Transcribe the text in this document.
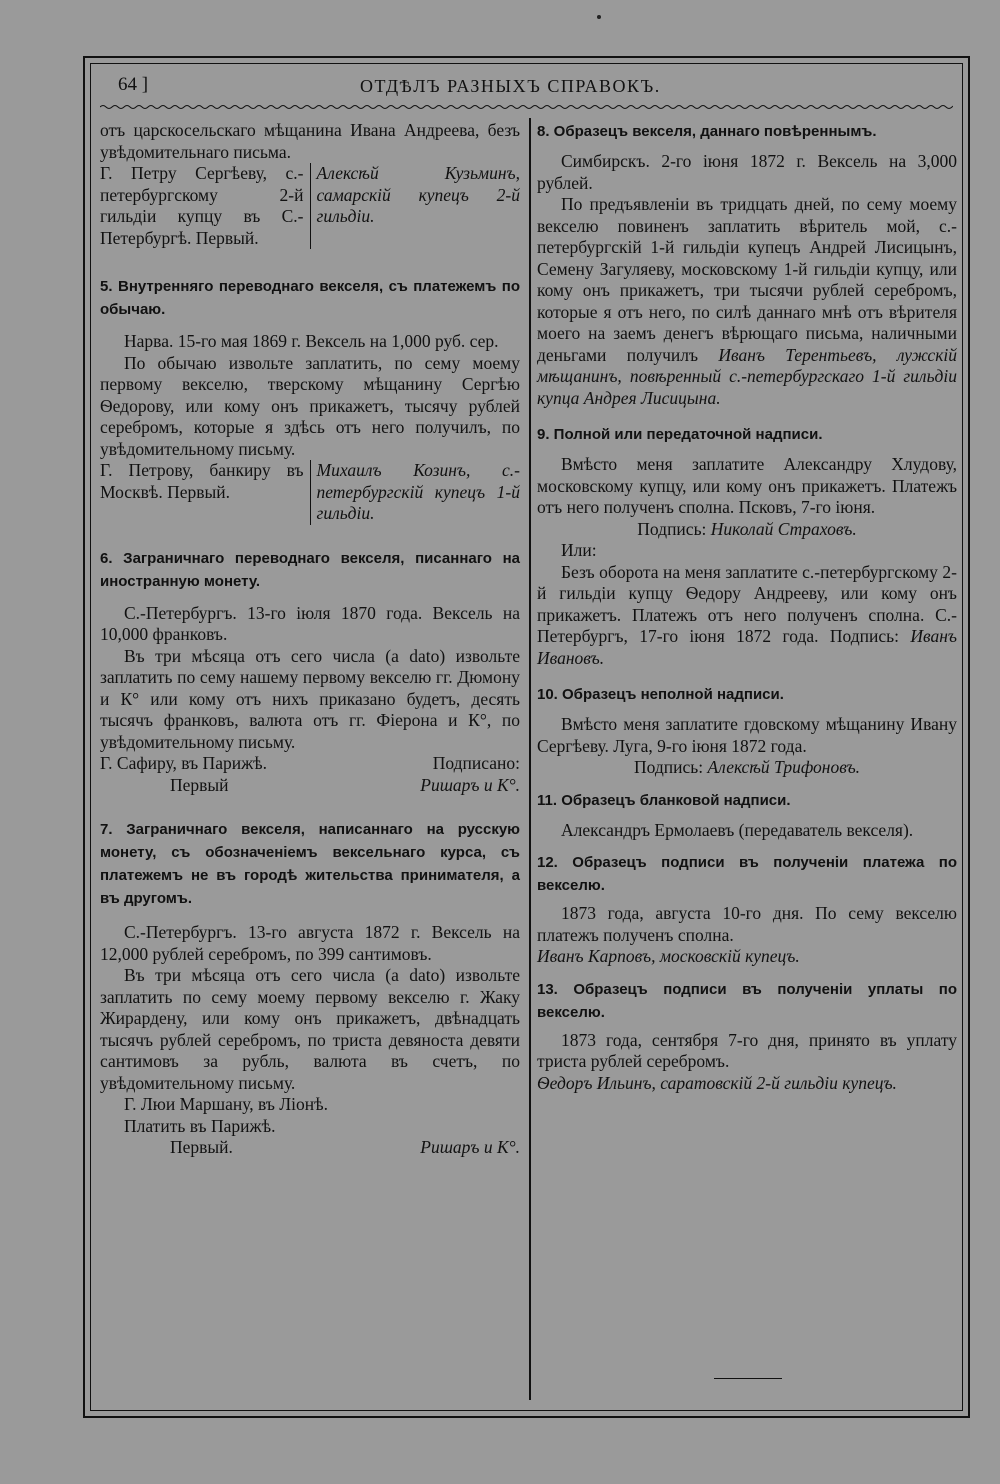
64 ]	ОТДѢЛЪ РАЗНЫХЪ СПРАВОКЪ.

отъ царскосельскаго мѣщанина Ивана Андреева, безъ увѣдомительнаго письма.

Г. Петру Сергѣеву, с.-петербургскому 2-й гильдіи купцу въ С.-Петербургѣ. Первый.

Алексѣй Кузьминъ, самарскій купецъ 2-й гильдіи.

5. Внутренняго переводнаго векселя, съ платежемъ по обычаю.

Нарва. 15-го мая 1869 г. Вексель на 1,000 руб. сер.

По обычаю извольте заплатить, по сему моему первому векселю, тверскому мѣщанину Сергѣю Ѳедорову, или кому онъ прикажетъ, тысячу рублей серебромъ, которые я здѣсь отъ него получилъ, по увѣдомительному письму.

Г. Петрову, банкиру въ Москвѣ. Первый.

Михаилъ Козинъ, с.-петербургскій купецъ 1-й гильдіи.

6. Заграничнаго переводнаго векселя, писаннаго на иностранную монету.

С.-Петербургъ. 13-го іюля 1870 года. Вексель на 10,000 франковъ.

Въ три мѣсяца отъ сего числа (a dato) извольте заплатить по сему нашему первому векселю гг. Дюмону и К° или кому отъ нихъ приказано будетъ, десять тысячъ франковъ, валюта отъ гг. Фіерона и К°, по увѣдомительному письму.

Г. Сафиру, въ Парижѣ.	Подписано:
Первый	Ришаръ и К°.

7. Заграничнаго векселя, написаннаго на русскую монету, съ обозначеніемъ вексельнаго курса, съ платежемъ не въ городѣ жительства принимателя, а въ другомъ.

С.-Петербургъ. 13-го августа 1872 г. Вексель на 12,000 рублей серебромъ, по 399 сантимовъ.

Въ три мѣсяца отъ сего числа (a dato) извольте заплатить по сему моему первому векселю г. Жаку Жирардену, или кому онъ прикажетъ, двѣнадцать тысячъ рублей серебромъ, по триста девяноста девяти сантимовъ за рубль, валюта въ счетъ, по увѣдомительному письму.

Г. Люи Маршану, въ Ліонѣ.

Платить въ Парижѣ.

Первый.	Ришаръ и К°.

8. Образецъ векселя, даннаго повѣреннымъ.

Симбирскъ. 2-го іюня 1872 г. Вексель на 3,000 рублей.

По предъявленіи въ тридцать дней, по сему моему векселю повиненъ заплатить вѣритель мой, с.-петербургскій 1-й гильдіи купецъ Андрей Лисицынъ, Семену Загуляеву, московскому 1-й гильдіи купцу, или кому онъ прикажетъ, три тысячи рублей серебромъ, которые я отъ него, по силѣ даннаго мнѣ отъ вѣрителя моего на заемъ денегъ вѣрющаго письма, наличными деньгами получилъ Иванъ Терентьевъ, лужскій мѣщанинъ, повѣренный с.-петербургскаго 1-й гильдіи купца Андрея Лисицына.

9. Полной или передаточной надписи.

Вмѣсто меня заплатите Александру Хлудову, московскому купцу, или кому онъ прикажетъ. Платежъ отъ него полученъ сполна. Псковъ, 7-го іюня.

Подпись: Николай Страховъ.

Или:

Безъ оборота на меня заплатите с.-петербургскому 2-й гильдіи купцу Ѳедору Андрееву, или кому онъ прикажетъ. Платежъ отъ него полученъ сполна. С.-Петербургъ, 17-го іюня 1872 года. Подпись: Иванъ Ивановъ.

10. Образецъ неполной надписи.

Вмѣсто меня заплатите гдовскому мѣщанину Ивану Сергѣеву. Луга, 9-го іюня 1872 года.

Подпись: Алексѣй Трифоновъ.

11. Образецъ бланковой надписи.

Александръ Ермолаевъ (передаватель векселя).

12. Образецъ подписи въ полученіи платежа по векселю.

1873 года, августа 10-го дня. По сему векселю платежъ полученъ сполна.

Иванъ Карповъ, московскій купецъ.

13. Образецъ подписи въ полученіи уплаты по векселю.

1873 года, сентября 7-го дня, принято въ уплату триста рублей серебромъ.

Ѳедоръ Ильинъ, саратовскій 2-й гильдіи купецъ.
